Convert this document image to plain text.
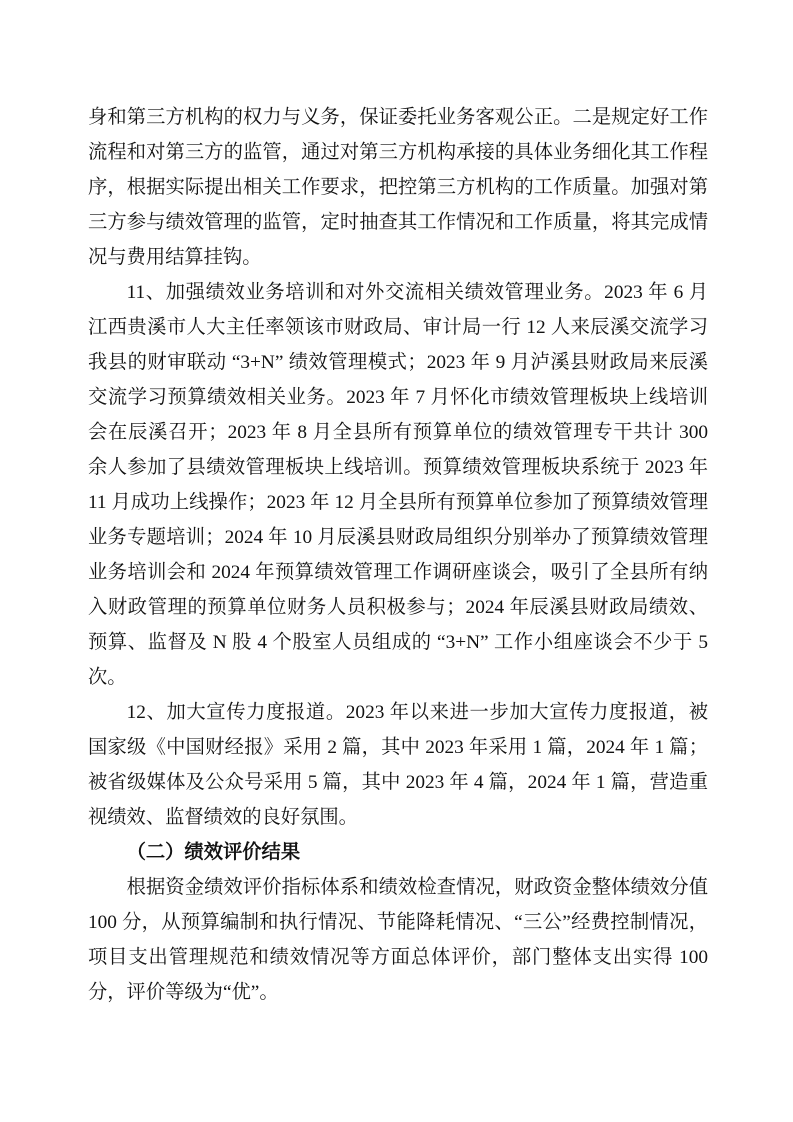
身和第三方机构的权力与义务，保证委托业务客观公正。二是规定好工作流程和对第三方的监管，通过对第三方机构承接的具体业务细化其工作程序，根据实际提出相关工作要求，把控第三方机构的工作质量。加强对第三方参与绩效管理的监管，定时抽查其工作情况和工作质量，将其完成情况与费用结算挂钩。

11、加强绩效业务培训和对外交流相关绩效管理业务。2023 年 6 月江西贵溪市人大主任率领该市财政局、审计局一行 12 人来辰溪交流学习我县的财审联动 “3+N” 绩效管理模式；2023 年 9 月泸溪县财政局来辰溪交流学习预算绩效相关业务。2023 年 7 月怀化市绩效管理板块上线培训会在辰溪召开；2023 年 8 月全县所有预算单位的绩效管理专干共计 300 余人参加了县绩效管理板块上线培训。预算绩效管理板块系统于 2023 年 11 月成功上线操作；2023 年 12 月全县所有预算单位参加了预算绩效管理业务专题培训；2024 年 10 月辰溪县财政局组织分别举办了预算绩效管理业务培训会和 2024 年预算绩效管理工作调研座谈会，吸引了全县所有纳入财政管理的预算单位财务人员积极参与；2024 年辰溪县财政局绩效、预算、监督及 N 股 4 个股室人员组成的 “3+N” 工作小组座谈会不少于 5 次。

12、加大宣传力度报道。2023 年以来进一步加大宣传力度报道，被国家级《中国财经报》采用 2 篇，其中 2023 年采用 1 篇，2024 年 1 篇；被省级媒体及公众号采用 5 篇，其中 2023 年 4 篇，2024 年 1 篇，营造重视绩效、监督绩效的良好氛围。

（二）绩效评价结果

根据资金绩效评价指标体系和绩效检查情况，财政资金整体绩效分值 100 分，从预算编制和执行情况、节能降耗情况、“三公”经费控制情况，项目支出管理规范和绩效情况等方面总体评价，部门整体支出实得 100 分，评价等级为“优”。
